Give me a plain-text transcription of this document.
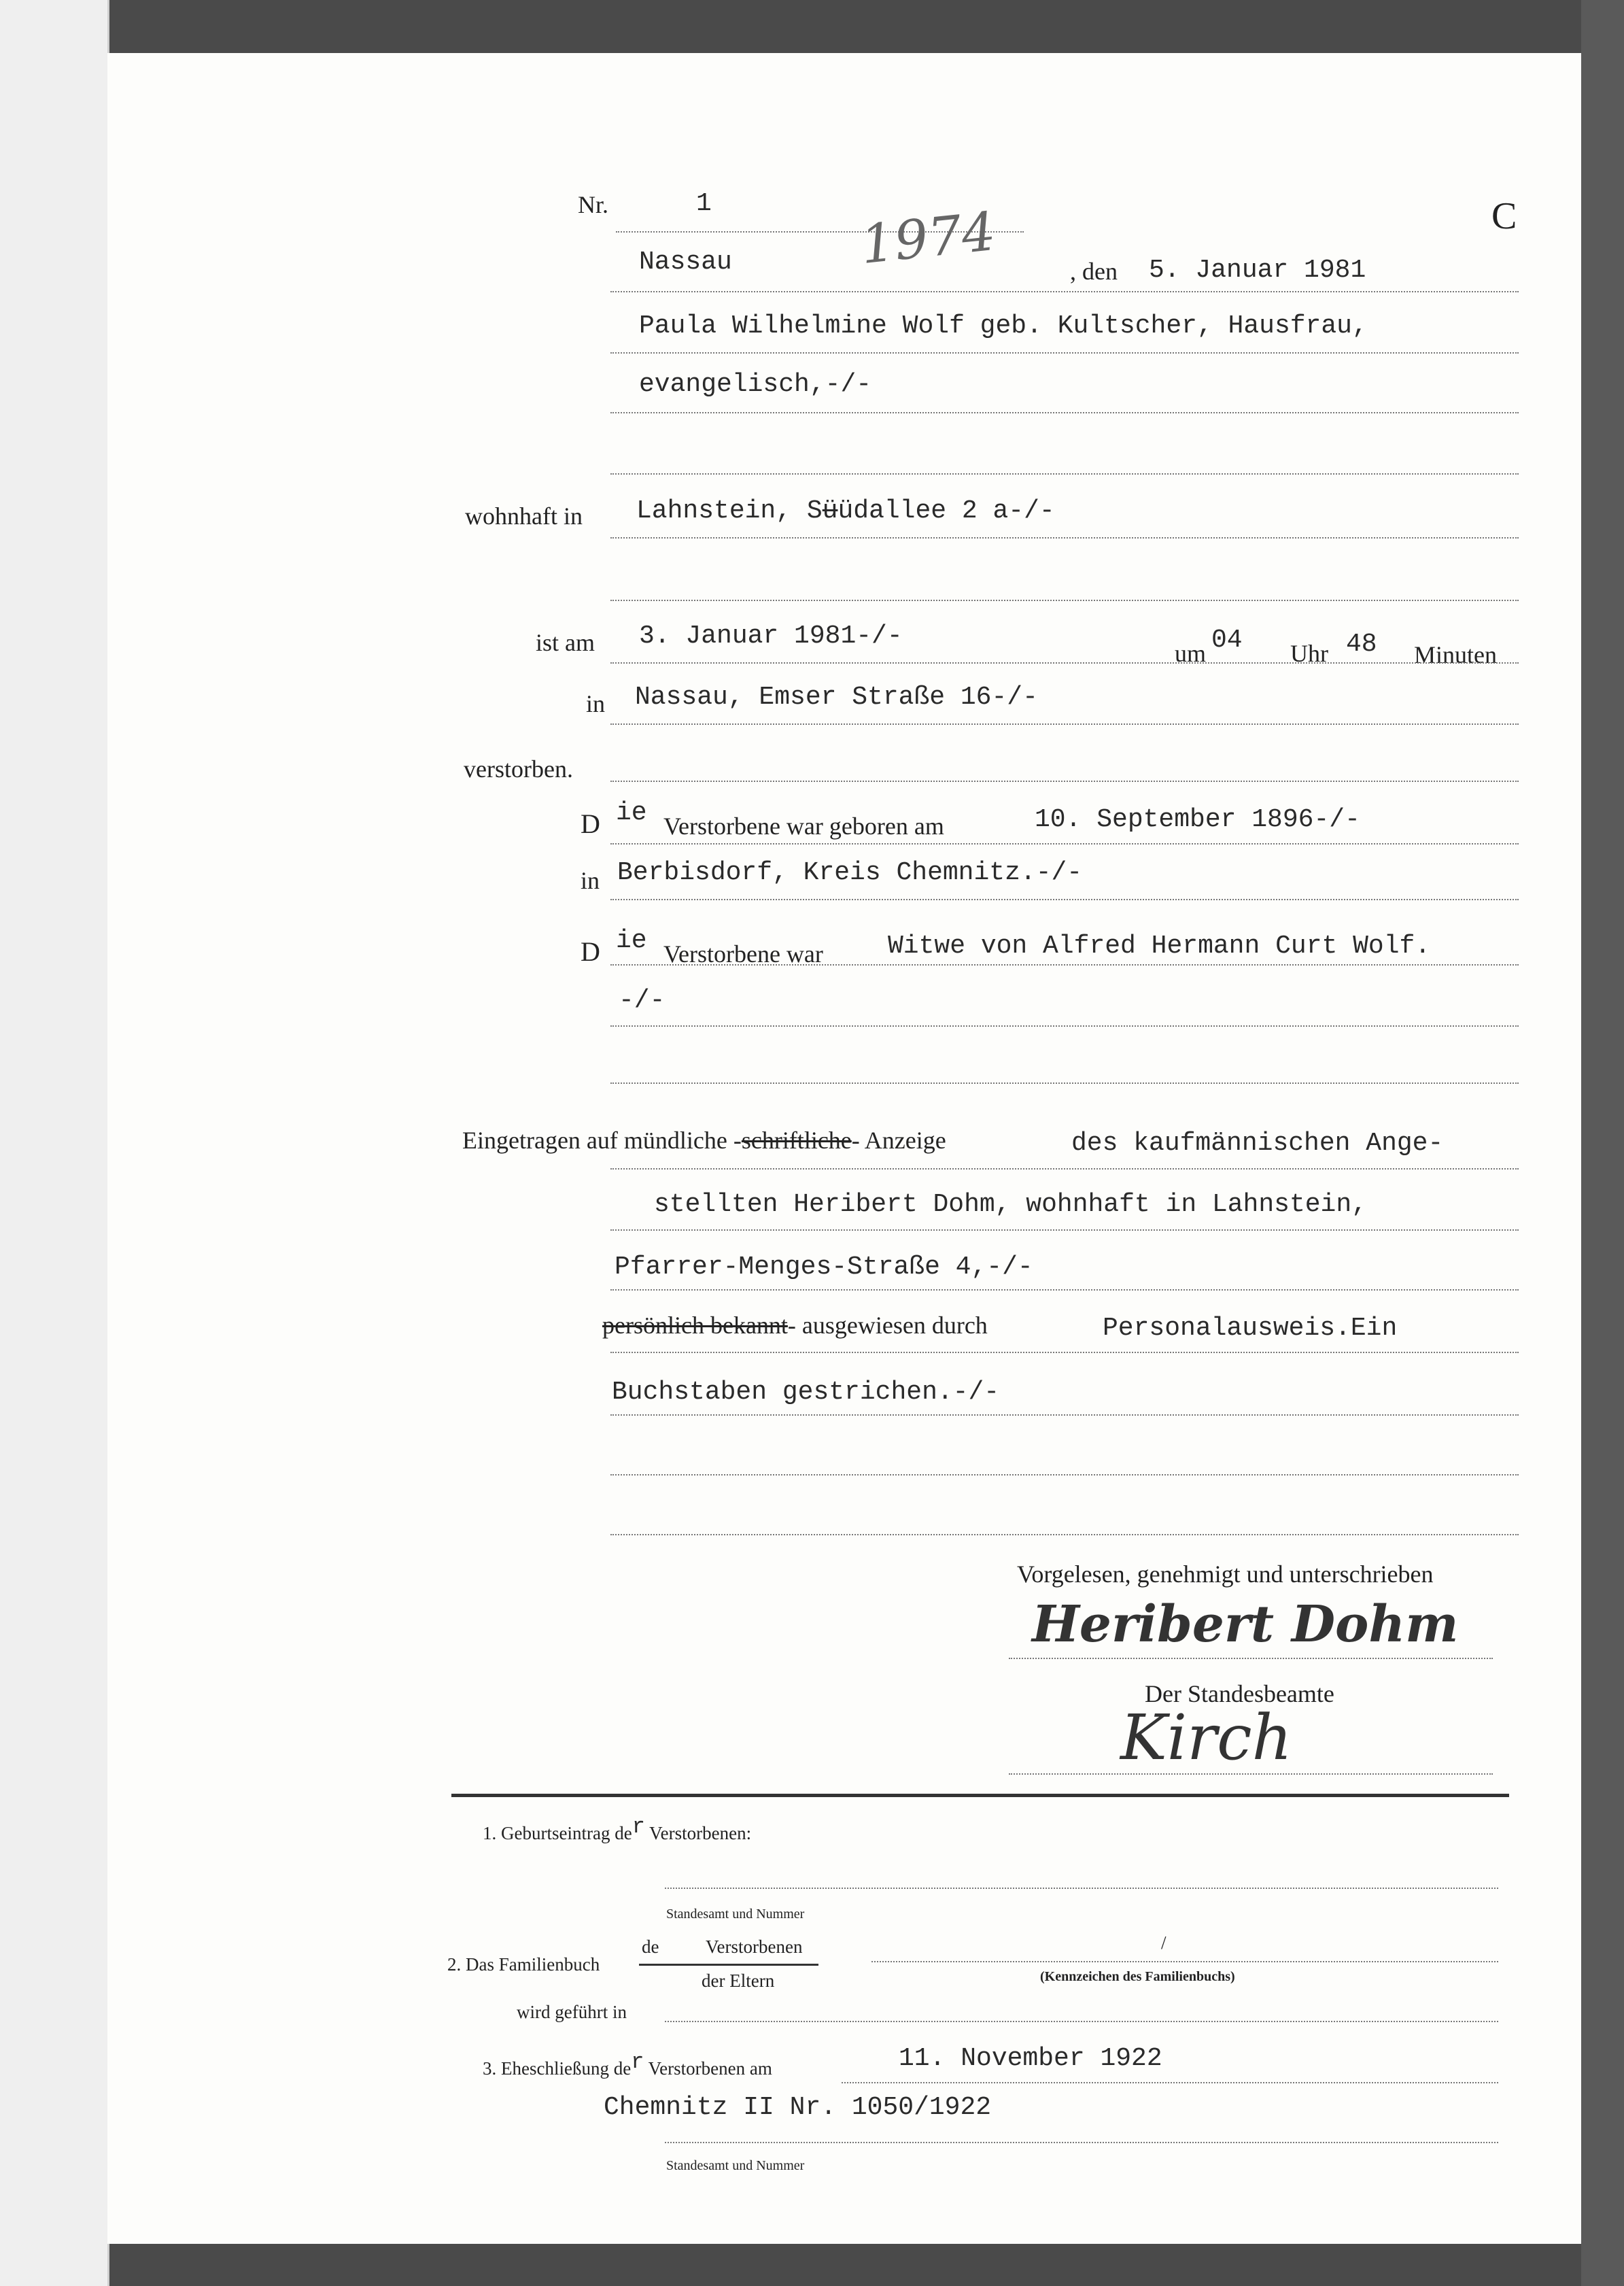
Nr.	1	1974	C
Nassau	, den 5. Januar 1981
Paula Wilhelmine Wolf geb. Kultscher, Hausfrau,
evangelisch,-/-
wohnhaft in Lahnstein, Süüdallee 2 a-/-
ist am 3. Januar 1981-/-
um 04 Uhr 48 Minuten
in Nassau, Emser Straße 16-/-
verstorben.
D ie Verstorbene war geboren am	10. September 1896-/-
in Berbisdorf, Kreis Chemnitz.-/-
D ie Verstorbene war	Witwe von Alfred Hermann Curt Wolf.
-/-
Eingetragen auf mündliche -schriftliche- Anzeige	des kaufmännischen Ange-
stellten Heribert Dohm, wohnhaft in Lahnstein,
Pfarrer-Menges-Straße 4,-/-
persönlich bekannt- ausgewiesen durch	Personalausweis.Ein
Buchstaben gestrichen.-/-
Vorgelesen, genehmigt und unterschrieben
Heribert Dohm
Der Standesbeamte
Kirch
1. Geburtseintrag der Verstorbenen:
Standesamt und Nummer
2. Das Familienbuch
de	Verstorbenen
der Eltern
/
(Kennzeichen des Familienbuchs)
wird geführt in
3. Eheschließung der Verstorbenen am	11. November 1922
Chemnitz II Nr. 1050/1922
Standesamt und Nummer
